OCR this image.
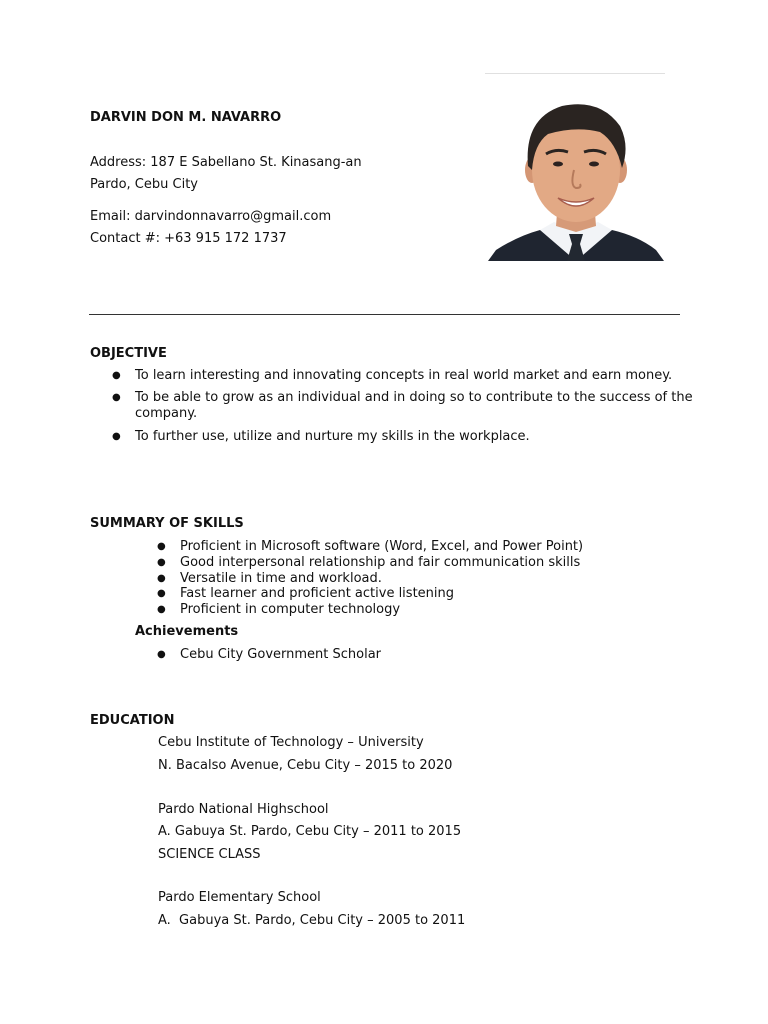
DARVIN DON M. NAVARRO
Address: 187 E Sabellano St. Kinasang-an
Pardo, Cebu City
Email: darvindonnavarro@gmail.com
Contact #: +63 915 172 1737
OBJECTIVE
● To learn interesting and innovating concepts in real world market and earn money.
● To be able to grow as an individual and in doing so to contribute to the success of the
company.
● To further use, utilize and nurture my skills in the workplace.
SUMMARY OF SKILLS
● Proficient in Microsoft software (Word, Excel, and Power Point)
● Good interpersonal relationship and fair communication skills
● Versatile in time and workload.
● Fast learner and proficient active listening
● Proficient in computer technology
Achievements
● Cebu City Government Scholar
EDUCATION
Cebu Institute of Technology – University
N. Bacalso Avenue, Cebu City – 2015 to 2020
Pardo National Highschool
A. Gabuya St. Pardo, Cebu City – 2011 to 2015
SCIENCE CLASS
Pardo Elementary School
A.  Gabuya St. Pardo, Cebu City – 2005 to 2011
